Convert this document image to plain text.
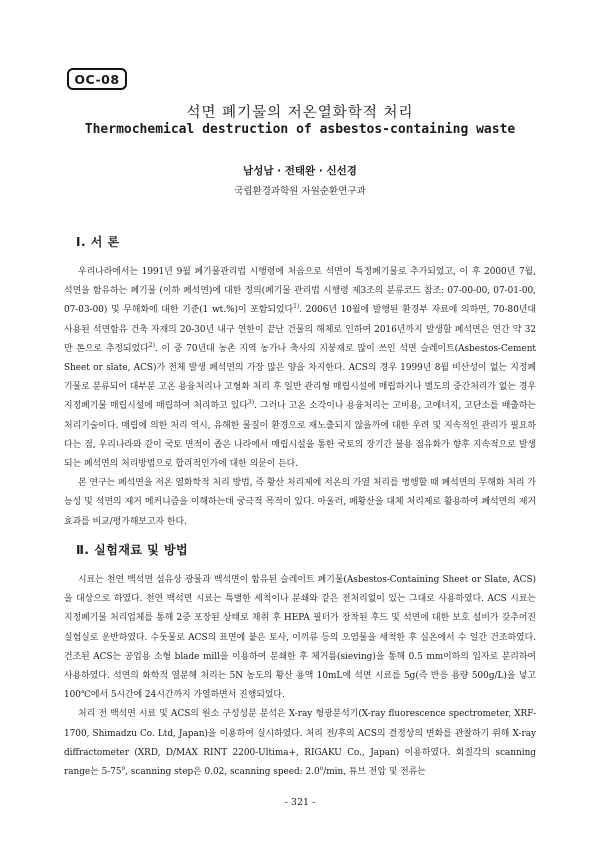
OC-08
석면 폐기물의 저온열화학적 처리
Thermochemical destruction of asbestos-containing waste
남성남 · 전태완 · 신선경
국립환경과학원 자원순환연구과
Ⅰ. 서 론

우리나라에서는 1991년 9월 폐기물관리법 시행령에 처음으로 석면이 특정폐기물로 추가되었고, 이 후 2000년 7월, 석면을 함유하는 폐기물 (이하 폐석면)에 대한 정의(폐기물 관리법 시행령 제3조의 분류코드 참조: 07-00-00, 07-01-00, 07-03-00) 및 무해화에 대한 기준(1 wt.%)이 포함되었다$^{1)}$. 2006년 10월에 발행된 환경부 자료에 의하면, 70-80년대 사용된 석면함유 건축 자재의 20-30년 내구 연한이 끝난 건물의 해체로 인하여 2016년까지 발생할 폐석면은 연간 약 32만 톤으로 추정되었다$^{2)}$. 이 중 70년대 농촌 지역 농가나 축사의 지붕재로 많이 쓰인 석면 슬레이트(Asbestos-Cement Sheet or slate, ACS)가 전체 발생 폐석면의 가장 많은 양을 차지한다. ACS의 경우 1999년 8월 비산성이 없는 지정폐기물로 분류되어 대부분 고온 용융처리나 고형화 처리 후 일반 관리형 매립시설에 매립하거나 별도의 중간처리가 없는 경우 지정폐기물 매립시설에 매립하여 처리하고 있다$^{3)}$. 그러나 고온 소각이나 용융처리는 고비용, 고에너지, 고단소를 배출하는 처리기술이다. 매립에 의한 처리 역시, 유해한 물질이 환경으로 재노출되지 않을까에 대한 우려 및 지속적인 관리가 필요하다는 점, 우리나라와 같이 국토 면적이 좁은 나라에서 매립시설을 통한 국토의 장기간 불용 점유화가 향후 지속적으로 발생되는 폐석면의 처리방법으로 합리적인가에 대한 의문이 든다.

본 연구는 폐석면을 저온 열화학적 처리 방법, 즉 황산 처리제에 저온의 가열 처리를 병행할 때 폐석면의 무해화 처리 가능성 및 석면의 제거 메커니즘을 이해하는데 궁극적 목적이 있다. 아울러, 폐황산을 대체 처리제로 활용하여 폐석면의 제거 효과를 비교/평가해보고자 한다.

Ⅱ. 실험재료 및 방법

시료는 천연 백석면 섬유상 광물과 백석면이 함유된 슬레이트 폐기물(Asbestos-Containing Sheet or Slate, ACS)을 대상으로 하였다. 천연 백석면 시료는 특별한 세척이나 분쇄와 같은 전처리없이 있는 그대로 사용하였다. ACS 시료는 지정폐기물 처리업체를 통해 2중 포장된 상태로 채취 후 HEPA 필터가 장착된 후드 및 석면에 대한 보호 설비가 갖추어진 실험실로 운반하였다. 수돗물로 ACS의 표면에 붙은 토사, 이끼류 등의 오염물을 세척한 후 실온에서 수 일간 건조하였다. 건조된 ACS는 공업용 소형 blade mill을 이용하여 분쇄한 후 체거름(sieving)을 통해 0.5 mm이하의 입자로 분리하여 사용하였다. 석면의 화학적 열분해 처리는 5N 농도의 황산 용액 10mL에 석면 시료를 5g(즉 반응 용량 500g/L)을 넣고 100℃에서 5시간에 24시간까지 가열하면서 진행되었다.

처리 전 백석면 시료 및 ACS의 원소 구성성분 분석은 X-ray 형광분석기(X-ray fluorescence spectrometer, XRF-1700, Shimadzu Co. Ltd, Japan)을 이용하여 실시하였다. 처리 전/후의 ACS의 결정상의 변화를 관찰하기 위해 X-ray diffractometer (XRD, D/MAX RINT 2200-Ultima+, RIGAKU Co., Japan) 이용하였다. 회절각의 scanning range는 5-75$^o$, scanning step은 0.02, scanning speed: 2.0$^o$/min, 튜브 전압 및 전류는

- 321 -
